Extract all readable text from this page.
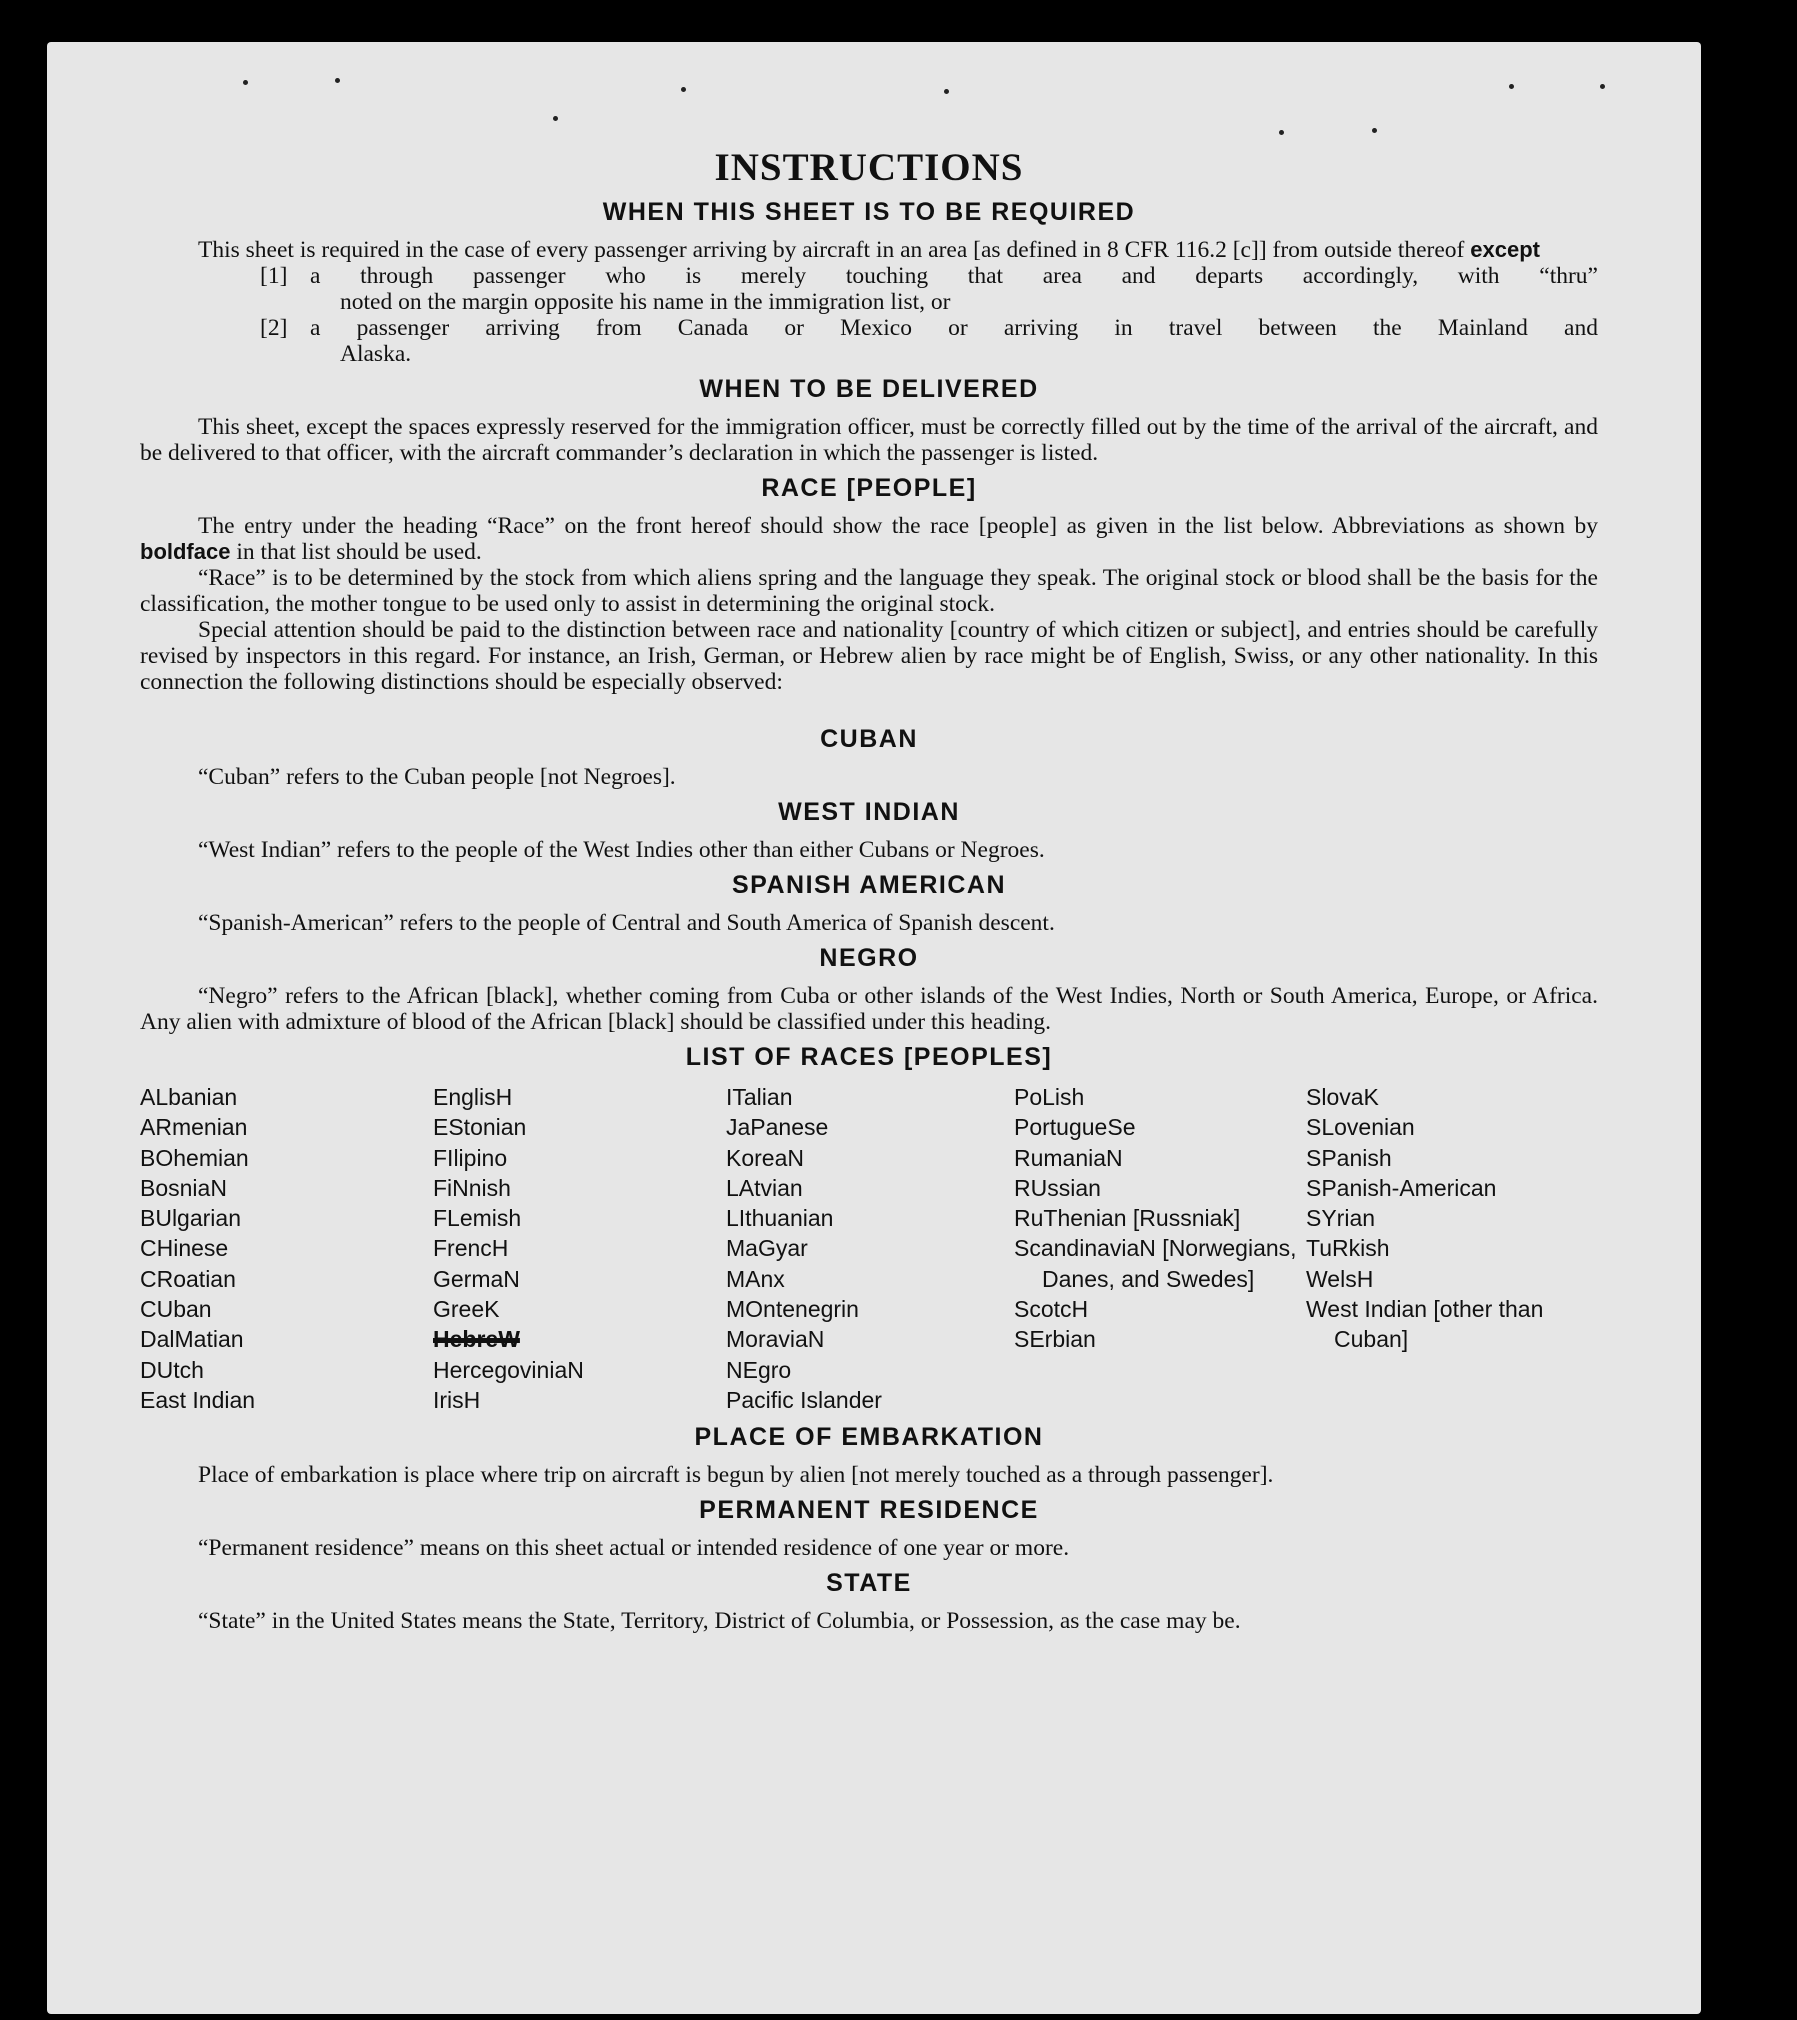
INSTRUCTIONS
WHEN THIS SHEET IS TO BE REQUIRED

This sheet is required in the case of every passenger arriving by aircraft in an area [as defined in 8 CFR 116.2 [c]] from outside thereof except

[1] a through passenger who is merely touching that area and departs accordingly, with “thru”
noted on the margin opposite his name in the immigration list, or
[2] a passenger arriving from Canada or Mexico or arriving in travel between the Mainland and
Alaska.
WHEN TO BE DELIVERED

This sheet, except the spaces expressly reserved for the immigration officer, must be correctly filled out by the time of the arrival of the aircraft, and be delivered to that officer, with the aircraft commander’s declaration in which the passenger is listed.

RACE [PEOPLE]

The entry under the heading “Race” on the front hereof should show the race [people] as given in the list below. Abbreviations as shown by boldface in that list should be used.

“Race” is to be determined by the stock from which aliens spring and the language they speak. The original stock or blood shall be the basis for the classification, the mother tongue to be used only to assist in determining the original stock.

Special attention should be paid to the distinction between race and nationality [country of which citizen or subject], and entries should be carefully revised by inspectors in this regard. For instance, an Irish, German, or Hebrew alien by race might be of English, Swiss, or any other nationality. In this connection the following distinctions should be especially observed:

CUBAN

“Cuban” refers to the Cuban people [not Negroes].

WEST INDIAN

“West Indian” refers to the people of the West Indies other than either Cubans or Negroes.

SPANISH AMERICAN

“Spanish-American” refers to the people of Central and South America of Spanish descent.

NEGRO

“Negro” refers to the African [black], whether coming from Cuba or other islands of the West Indies, North or South America, Europe, or Africa. Any alien with admixture of blood of the African [black] should be classified under this heading.

LIST OF RACES [PEOPLES]
ALbanian
ARmenian
BOhemian
BosniaN
BUlgarian
CHinese
CRoatian
CUban
DalMatian
DUtch
East Indian
EnglisH
EStonian
FIlipino
FiNnish
FLemish
FrencH
GermaN
GreeK
HebreW
HercegoviniaN
IrisH
ITalian
JaPanese
KoreaN
LAtvian
LIthuanian
MaGyar
MAnx
MOntenegrin
MoraviaN
NEgro
Pacific Islander
PoLish
PortugueSe
RumaniaN
RUssian
RuThenian [Russniak]
ScandinaviaN [Norwegians, Danes, and Swedes]
ScotcH
SErbian
SlovaK
SLovenian
SPanish
SPanish-American
SYrian
TuRkish
WelsH
West Indian [other than Cuban]
PLACE OF EMBARKATION

Place of embarkation is place where trip on aircraft is begun by alien [not merely touched as a through passenger].

PERMANENT RESIDENCE

“Permanent residence” means on this sheet actual or intended residence of one year or more.

STATE

“State” in the United States means the State, Territory, District of Columbia, or Possession, as the case may be.
